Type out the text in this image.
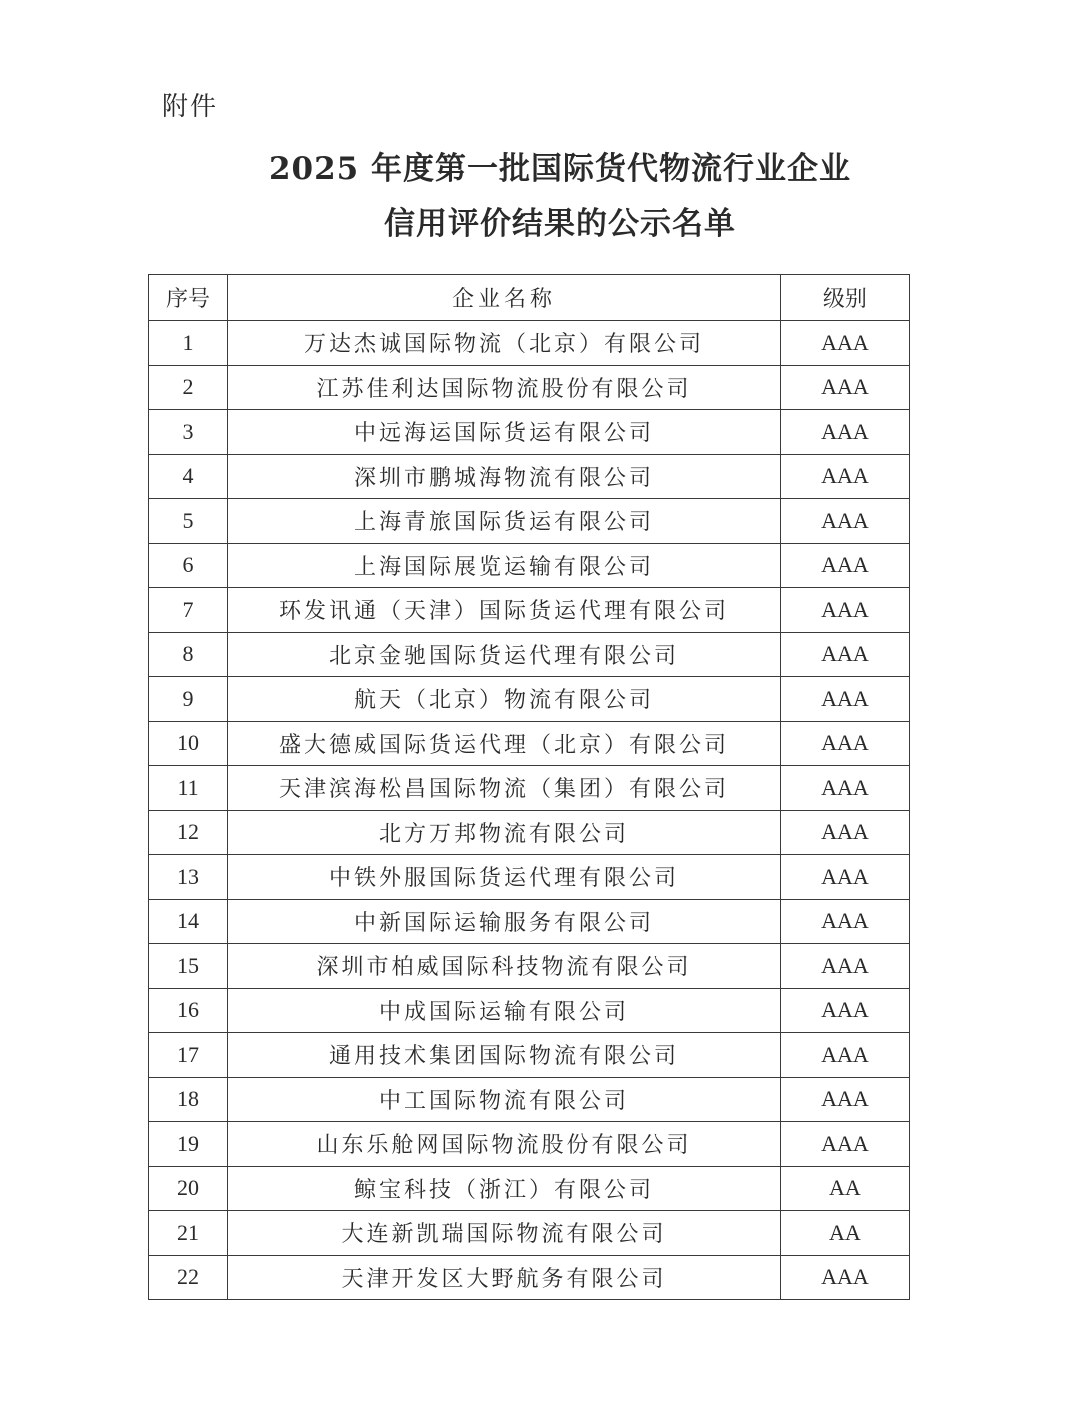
附件
2025 年度第一批国际货代物流行业企业
信用评价结果的公示名单
序号	企业名称	级别
1	万达杰诚国际物流（北京）有限公司	AAA
2	江苏佳利达国际物流股份有限公司	AAA
3	中远海运国际货运有限公司	AAA
4	深圳市鹏城海物流有限公司	AAA
5	上海青旅国际货运有限公司	AAA
6	上海国际展览运输有限公司	AAA
7	环发讯通（天津）国际货运代理有限公司	AAA
8	北京金驰国际货运代理有限公司	AAA
9	航天（北京）物流有限公司	AAA
10	盛大德威国际货运代理（北京）有限公司	AAA
11	天津滨海松昌国际物流（集团）有限公司	AAA
12	北方万邦物流有限公司	AAA
13	中铁外服国际货运代理有限公司	AAA
14	中新国际运输服务有限公司	AAA
15	深圳市柏威国际科技物流有限公司	AAA
16	中成国际运输有限公司	AAA
17	通用技术集团国际物流有限公司	AAA
18	中工国际物流有限公司	AAA
19	山东乐舱网国际物流股份有限公司	AAA
20	鲸宝科技（浙江）有限公司	AA
21	大连新凯瑞国际物流有限公司	AA
22	天津开发区大野航务有限公司	AAA
